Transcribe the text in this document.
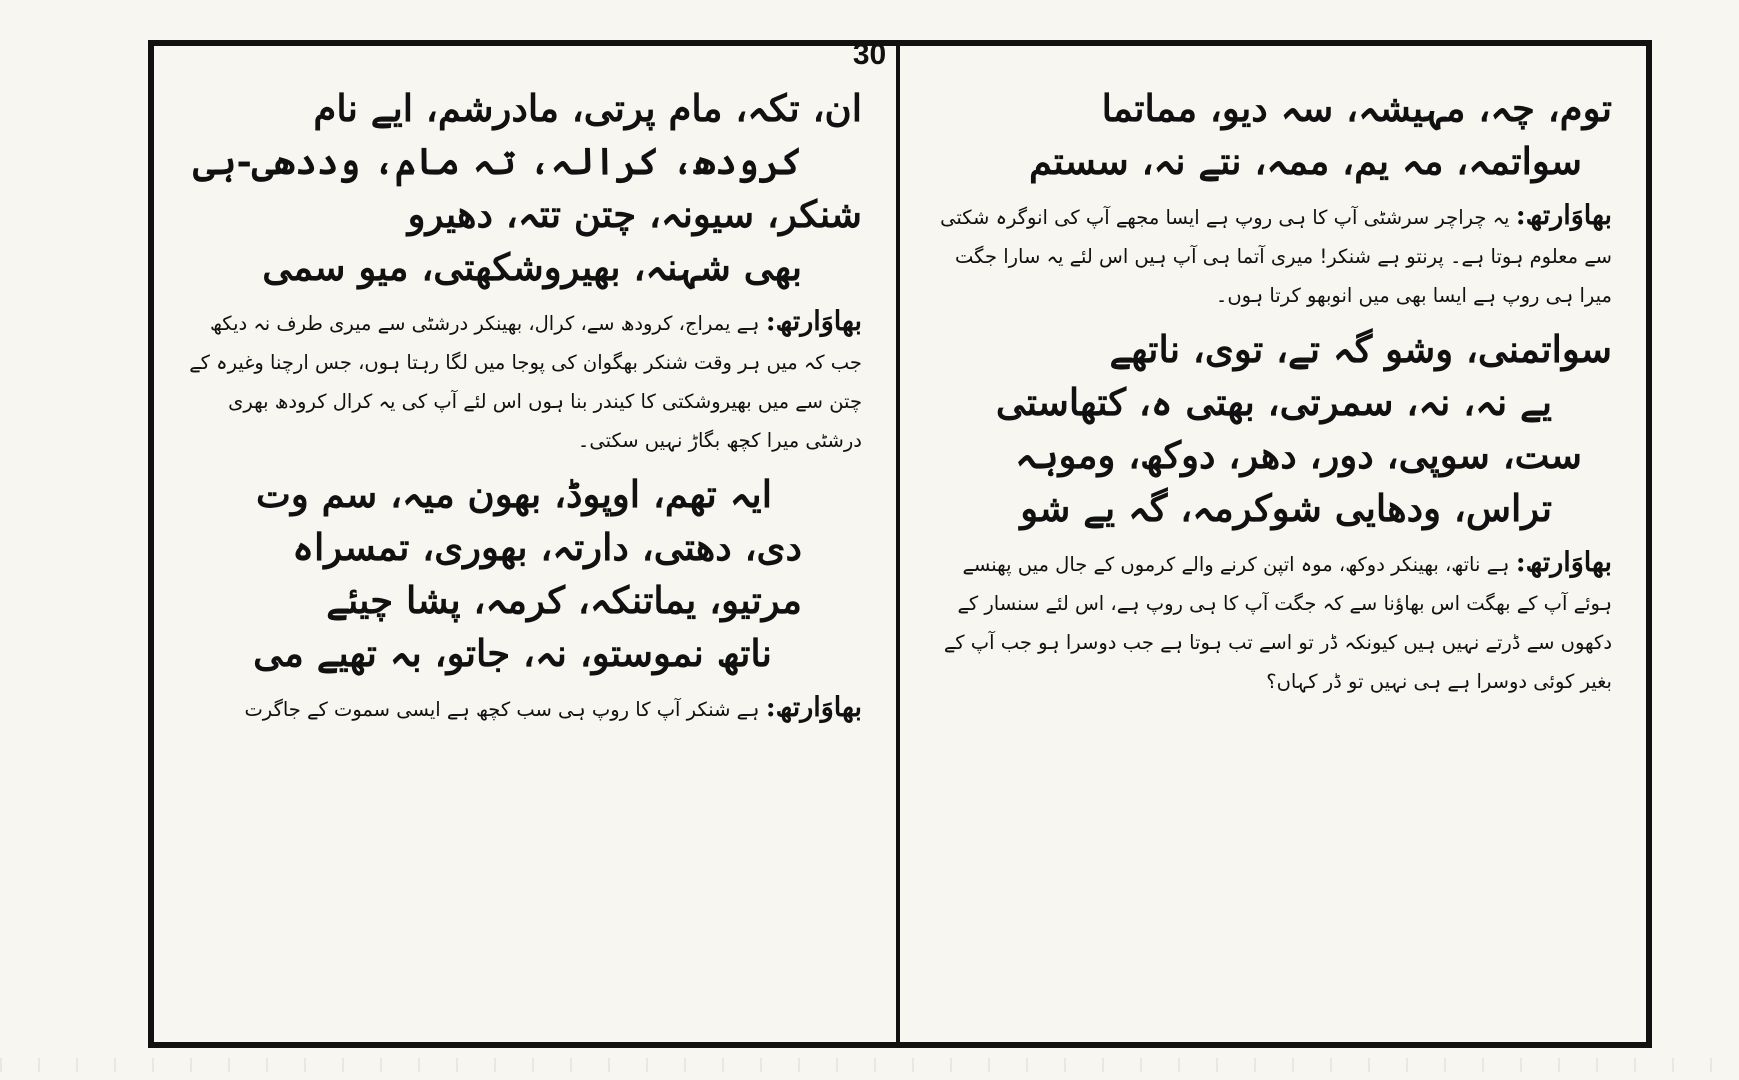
30

توم، چہ، مہیشہ، سہ دیو، مماتما

سواتمہ، مہ یم، ممہ، نتے نہ، سستم

بھاوَارتھ: یہ چراچر سرشٹی آپ کا ہی روپ ہے ایسا مجھے آپ کی انوگرہ شکتی سے معلوم ہوتا ہے۔ پرنتو ہے شنکر! میری آتما ہی آپ ہیں اس لئے یہ سارا جگت میرا ہی روپ ہے ایسا بھی میں انوبھو کرتا ہوں۔

سواتمنی، وشو گہ تے، توی، ناتھے

یے نہ، نہ، سمرتی، بھتی ہ، کتھاستی

ست، سوپی، دور، دھر، دوکھ، وموہہ

تراس، ودھایی شوکرمہ، گہ یے شو

بھاوَارتھ: ہے ناتھ، بھینکر دوکھ، موہ اتپن کرنے والے کرموں کے جال میں پھنسے ہوئے آپ کے بھگت اس بھاؤنا سے کہ جگت آپ کا ہی روپ ہے، اس لئے سنسار کے دکھوں سے ڈرتے نہیں ہیں کیونکہ ڈر تو اسے تب ہوتا ہے جب دوسرا ہو جب آپ کے بغیر کوئی دوسرا ہے ہی نہیں تو ڈر کہاں؟

ان، تکہ، مام پرتی، مادرشم، ایے نام

کرودھ، کرالہ، تہ مام، وددھی-ہی

شنکر، سیونہ، چتن تتہ، دھیرو

بھی شہنہ، بھیروشکھتی، میو سمی

بھاوَارتھ: ہے یمراج، کرودھ سے، کرال، بھینکر درشٹی سے میری طرف نہ دیکھ جب کہ میں ہر وقت شنکر بھگوان کی پوجا میں لگا رہتا ہوں، جس ارچنا وغیرہ کے چتن سے میں بھیروشکتی کا کیندر بنا ہوں اس لئے آپ کی یہ کرال کرودھ بھری درشٹی میرا کچھ بگاڑ نہیں سکتی۔

ایہ تھم، اوپوڈ، بھون میہ، سم وت

دی، دھتی، دارتہ، بھوری، تمسراہ

مرتیو، یماتنکہ، کرمہ، پشا چیئے

ناتھ نموستو، نہ، جاتو، بہ تھیے می

بھاوَارتھ: ہے شنکر آپ کا روپ ہی سب کچھ ہے ایسی سموت کے جاگرت
